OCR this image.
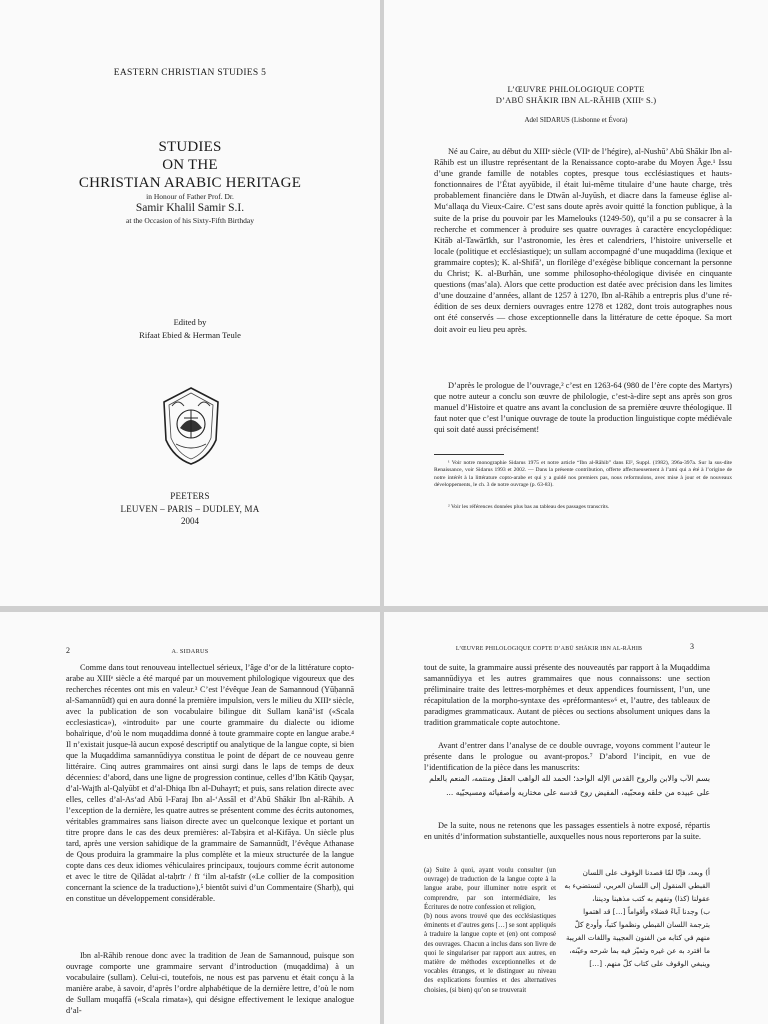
EASTERN CHRISTIAN STUDIES 5
STUDIES
ON THE
CHRISTIAN ARABIC HERITAGE
in Honour of Father Prof. Dr.
Samir Khalil Samir S.I.
at the Occasion of his Sixty-Fifth Birthday
Edited by
Rifaat Ebied & Herman Teule
PEETERS
LEUVEN – PARIS – DUDLEY, MA
2004
L’ŒUVRE PHILOLOGIQUE COPTE
D’ABŪ SHĀKIR IBN AL-RĀHIB (XIIIᵉ S.)
Adel SIDARUS (Lisbonne et Évora)

Né au Caire, au début du XIIIᵉ siècle (VIIᵉ de l’hégire), al-Nushū’ Abū Shākir Ibn al-Rāhib est un illustre représentant de la Renaissance copto-arabe du Moyen Âge.¹ Issu d’une grande famille de notables coptes, presque tous ecclésiastiques et hauts-fonctionnaires de l’État ayyūbide, il était lui-même titulaire d’une haute charge, très probablement financière dans le Dīwān al-Juyūsh, et diacre dans la fameuse église al-Mu‘allaqa du Vieux-Caire. C’est sans doute après avoir quitté la fonction publique, à la suite de la prise du pouvoir par les Mamelouks (1249-50), qu’il a pu se consacrer à la recherche et commencer à produire ses quatre ouvrages à caractère encyclopédique: Kitāb al-Tawārīkh, sur l’astronomie, les ères et calendriers, l’histoire universelle et locale (politique et ecclésiastique); un sullam accompagné d’une muqaddima (lexique et grammaire coptes); K. al-Shifā’, un florilège d’exégèse biblique concernant la personne du Christ; K. al-Burhān, une somme philosopho-théologique divisée en cinquante questions (mas’ala). Alors que cette production est datée avec précision dans les limites d’une douzaine d’années, allant de 1257 à 1270, Ibn al-Rāhib a entrepris plus d’une ré-édition de ses deux derniers ouvrages entre 1278 et 1282, dont trois autographes nous ont été conservés — chose exceptionnelle dans la littérature de cette époque. Sa mort doit avoir eu lieu peu après.

D’après le prologue de l’ouvrage,² c’est en 1263-64 (980 de l’ère copte des Martyrs) que notre auteur a conclu son œuvre de philologie, c’est-à-dire sept ans après son gros manuel d’Histoire et quatre ans avant la conclusion de sa première œuvre théologique. Il faut noter que c’est l’unique ouvrage de toute la production linguistique copte médiévale qui soit daté aussi précisément!

¹ Voir notre monographie Sidarus 1975 et notre article “Ibn al-Rāhib” dans EI², Suppl. (1982), 396a-397a. Sur la sus-dite Renaissance, voir Sidarus 1993 et 2002. — Dans la présente contribution, offerte affectueusement à l’ami qui a été à l’origine de notre intérêt à la littérature copto-arabe et qui y a guidé nos premiers pas, nous reformulons, avec mise à jour et de nouveaux développements, le ch. 3 de notre ouvrage (p. 63-83).

² Voir les références données plus bas au tableau des passages transcrits.

2	A. SIDARUS

Comme dans tout renouveau intellectuel sérieux, l’âge d’or de la littérature copto-arabe au XIIIᵉ siècle a été marqué par un mouvement philologique vigoureux que des recherches récentes ont mis en valeur.³ C’est l’évêque Jean de Samannoud (Yūḥannā al-Samannūdī) qui en aura donné la première impulsion, vers le milieu du XIIIᵉ siècle, avec la publication de son vocabulaire bilingue dit Sullam kanā’isī («Scala ecclesiastica»), «introduit» par une courte grammaire du dialecte ou idiome bohaïrique, d’où le nom muqaddima donné à toute grammaire copte en langue arabe.⁴ Il n’existait jusque-là aucun exposé descriptif ou analytique de la langue copte, si bien que la Muqaddima samannūdiyya constitua le point de départ de ce nouveau genre littéraire. Cinq autres grammaires ont ainsi surgi dans le laps de temps de deux décennies: d’abord, dans une ligne de progression continue, celles d’Ibn Kātib Qayṣar, d’al-Wajīh al-Qalyūbī et d’al-Dhiqa Ibn al-Duhayrī; et puis, sans relation directe avec elles, celles d’al-As‘ad Abū l-Faraj Ibn al-‘Assāl et d’Abū Shākir Ibn al-Rāhib. A l’exception de la dernière, les quatre autres se présentent comme des écrits autonomes, véritables grammaires sans liaison directe avec un quelconque lexique et portant un titre propre dans le cas des deux premières: al-Tabṣira et al-Kifāya. Un siècle plus tard, après une version sahidique de la grammaire de Samannūdī, l’évêque Athanase de Qous produira la grammaire la plus complète et la mieux structurée de la langue copte dans ces deux idiomes véhiculaires principaux, toujours comme écrit autonome et avec le titre de Qilādat al-taḥrīr / fī ‘ilm al-tafsīr («Le collier de la composition concernant la science de la traduction»),⁵ bientôt suivi d’un Commentaire (Sharḥ), qui en constitue un développement considérable.

Ibn al-Rāhib renoue donc avec la tradition de Jean de Samannoud, puisque son ouvrage comporte une grammaire servant d’introduction (muqaddima) à un vocabulaire (sullam). Celui-ci, toutefois, ne nous est pas parvenu et était conçu à la manière arabe, à savoir, d’après l’ordre alphabétique de la dernière lettre, d’où le nom de Sullam muqaffā («Scala rimata»), qui désigne effectivement le lexique analogue d’al-

L’ŒUVRE PHILOLOGIQUE COPTE D’ABŪ SHĀKIR IBN AL-RĀHIB	3

tout de suite, la grammaire aussi présente des nouveautés par rapport à la Muqaddima samannūdiyya et les autres grammaires que nous connaissons: une section préliminaire traite des lettres-morphèmes et deux appendices fournissent, l’un, une récapitulation de la morpho-syntaxe des «préformantes»⁶ et, l’autre, des tableaux de paradigmes grammaticaux. Autant de pièces ou sections absolument uniques dans la tradition grammaticale copte autochtone.

Avant d’entrer dans l’analyse de ce double ouvrage, voyons comment l’auteur le présente dans le prologue ou avant-propos.⁷ D’abord l’incipit, en vue de l’identification de la pièce dans les manuscrits:

بسم الآب والابن والروح القدس الإله الواحد؛ الحمد لله الواهب العقل ومنتمه، المنعم بالعلم على عبيده من خلقه ومحبّيه، المفيض روح قدسه على مختاريه وأصفيائه ومسيحيّيه ...

De la suite, nous ne retenons que les passages essentiels à notre exposé, répartis en unités d’information substantielle, auxquelles nous nous reporterons par la suite.

(a) Suite à quoi, ayant voulu consulter (un ouvrage) de traduction de la langue copte à la langue arabe, pour illuminer notre esprit et comprendre, par son intermédiaire, les Écritures de notre confession et religion,
(b) nous avons trouvé que des ecclésiastiques éminents et d’autres gens […] se sont appliqués à traduire la langue copte et (en) ont composé des ouvrages. Chacun a inclus dans son livre de quoi le singulariser par rapport aux autres, en matière de méthodes exceptionnelles et de vocables étranges, et le distinguer au niveau des explications fournies et des alternatives choisies, (si bien) qu’on se trouverait

أ) وبعد، فإنّا لمّا قصدنا الوقوف على اللسان القبطي المنقول إلى اللسان العربي، لنستضيء به عقولنا (كذا) ونفهم به كتب مذهبنا وديننا،
ب) وجدنا آباءً فضلاء وأقواماً […] قد اهتموا بترجمة اللسان القبطي ونظموا كتباً، وأودع كلّ منهم في كتابه من الفنون العجيبة واللغات الغريبة ما افترد به عن غيره وتميّز فيه بما شرحه وعيّنه، وينبغي الوقوف على كتاب كلّ منهم. […]
